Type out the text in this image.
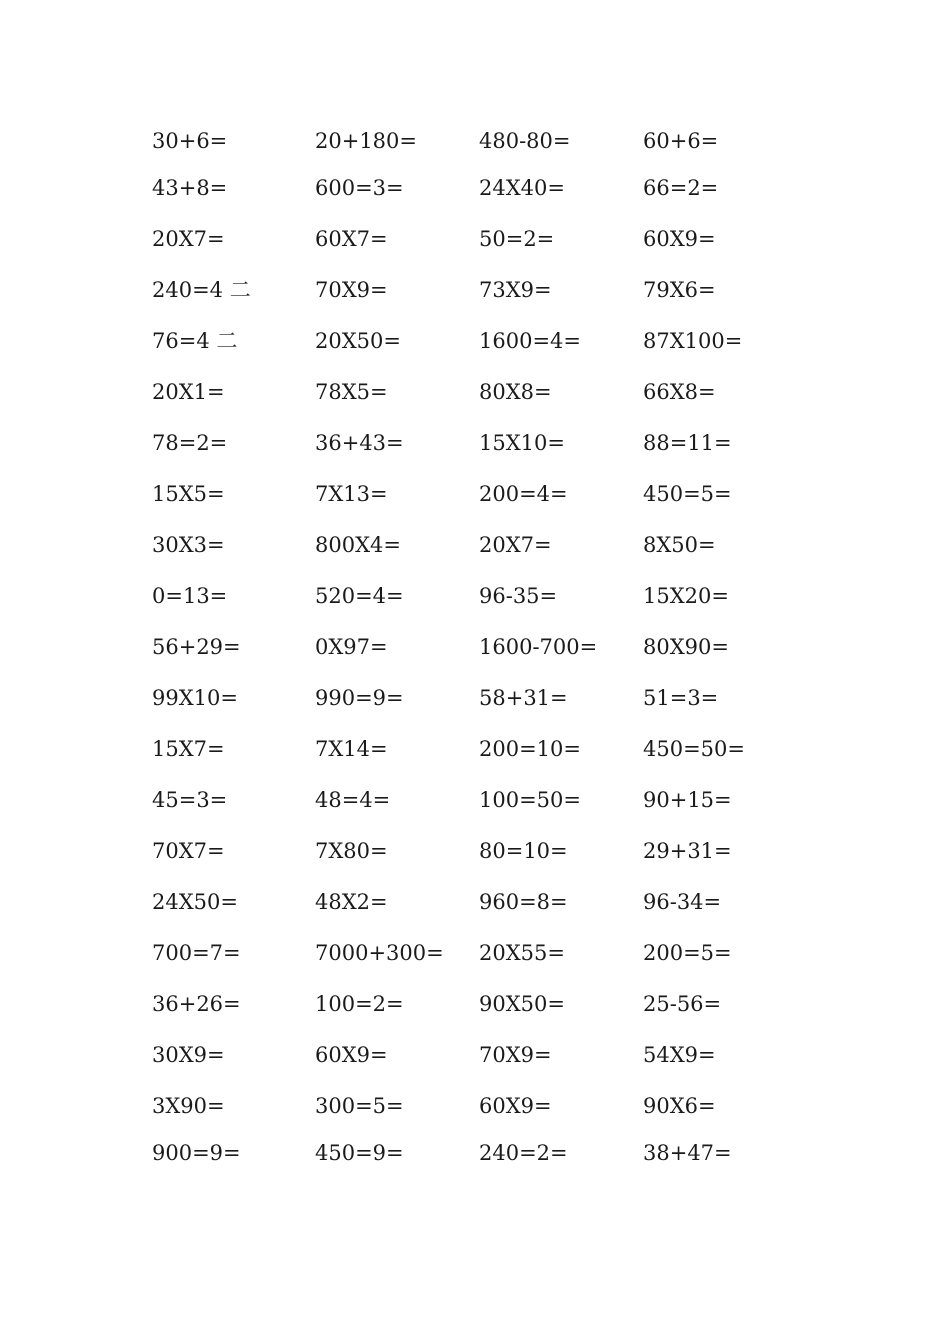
30+6=	20+180=	480-80=	60+6=
43+8=	600=3=	24X40=	66=2=
20X7=	60X7=	50=2=	60X9=
240=4 二	70X9=	73X9=	79X6=
76=4 二	20X50=	1600=4=	87X100=
20X1=	78X5=	80X8=	66X8=
78=2=	36+43=	15X10=	88=11=
15X5=	7X13=	200=4=	450=5=
30X3=	800X4=	20X7=	8X50=
0=13=	520=4=	96-35=	15X20=
56+29=	0X97=	1600-700= 80X90=
99X10=	990=9=	58+31=	51=3=
15X7=	7X14=	200=10=	450=50=
45=3=	48=4=	100=50=	90+15=
70X7=	7X80=	80=10=	29+31=
24X50=	48X2=	960=8=	96-34=
700=7=	7000+300= 20X55=	200=5=
36+26=	100=2=	90X50=	25-56=
30X9=	60X9=	70X9=	54X9=
3X90=	300=5=	60X9=	90X6=
900=9=	450=9=	240=2=	38+47=
